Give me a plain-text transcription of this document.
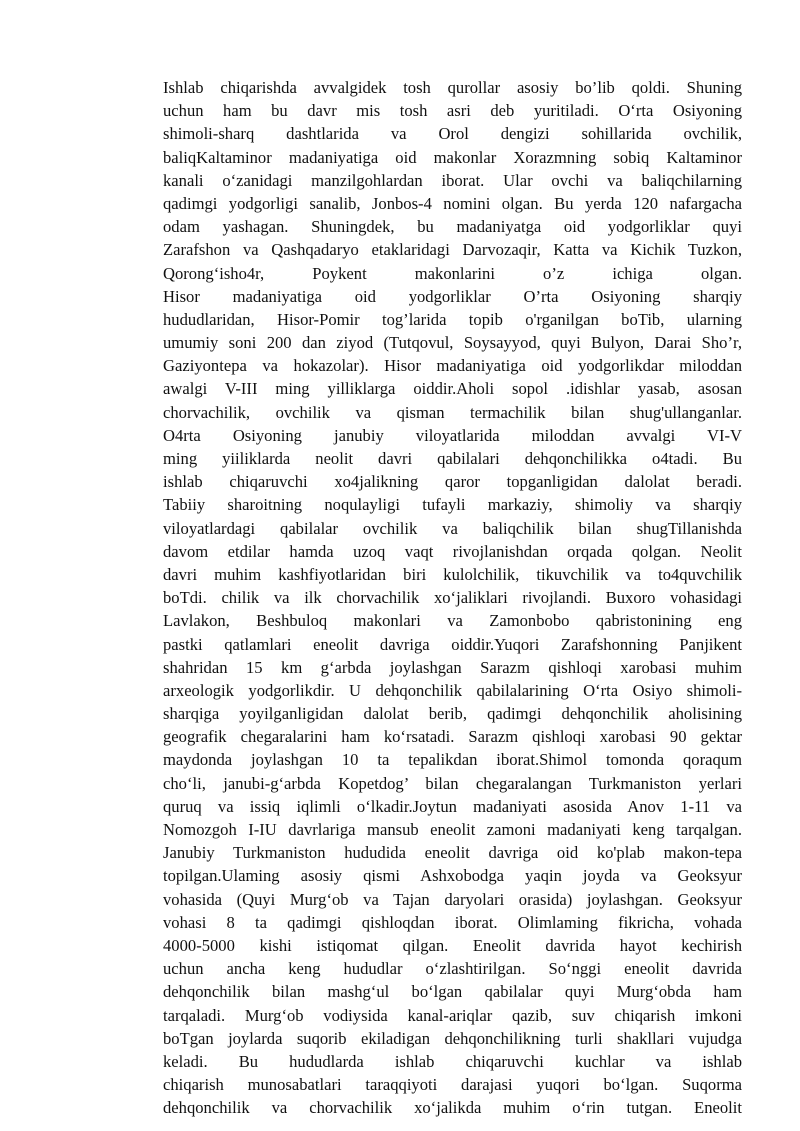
Ishlab chiqarishda avvalgidek tosh qurollar asosiy bo’lib qoldi. Shuning
uchun ham bu davr mis tosh asri deb yuritiladi. O‘rta Osiyoning
shimoli-sharq dashtlarida va Orol dengizi sohillarida ovchilik,
baliqKaltaminor madaniyatiga oid makonlar Xorazmning sobiq Kaltaminor
kanali o‘zanidagi manzilgohlardan iborat. Ular ovchi va baliqchilarning
qadimgi yodgorligi sanalib, Jonbos-4 nomini olgan. Bu yerda 120 nafargacha
odam yashagan. Shuningdek, bu madaniyatga oid yodgorliklar quyi
Zarafshon va Qashqadaryo etaklaridagi Darvozaqir, Katta va Kichik Tuzkon,
Qorong‘isho4r, Poykent makonlarini o’z ichiga olgan.
Hisor madaniyatiga oid yodgorliklar O’rta Osiyoning sharqiy
hududlaridan, Hisor-Pomir tog’larida topib o'rganilgan boTib, ularning
umumiy soni 200 dan ziyod (Tutqovul, Soysayyod, quyi Bulyon, Darai Sho’r,
Gaziyontepa va hokazolar). Hisor madaniyatiga oid yodgorlikdar miloddan
awalgi V-III ming yilliklarga oiddir.Aholi sopol .idishlar yasab, asosan
chorvachilik, ovchilik va qisman termachilik bilan shug'ullanganlar.
O4rta Osiyoning janubiy viloyatlarida miloddan avvalgi VI-V
ming yiiliklarda neolit davri qabilalari dehqonchilikka o4tadi. Bu
ishlab chiqaruvchi xo4jalikning qaror topganligidan dalolat beradi.
Tabiiy sharoitning noqulayligi tufayli markaziy, shimoliy va sharqiy
viloyatlardagi qabilalar ovchilik va baliqchilik bilan shugTillanishda
davom etdilar hamda uzoq vaqt rivojlanishdan orqada qolgan. Neolit
davri muhim kashfiyotlaridan biri kulolchilik, tikuvchilik va to4quvchilik
boTdi. chilik va ilk chorvachilik xo‘jaliklari rivojlandi. Buxoro vohasidagi
Lavlakon, Beshbuloq makonlari va Zamonbobo qabristonining eng
pastki qatlamlari eneolit davriga oiddir.Yuqori Zarafshonning Panjikent
shahridan 15 km g‘arbda joylashgan Sarazm qishloqi xarobasi muhim
arxeologik yodgorlikdir. U dehqonchilik qabilalarining O‘rta Osiyo shimoli-
sharqiga yoyilganligidan dalolat berib, qadimgi dehqonchilik aholisining
geografik chegaralarini ham ko‘rsatadi. Sarazm qishloqi xarobasi 90 gektar
maydonda joylashgan 10 ta tepalikdan iborat.Shimol tomonda qoraqum
cho‘li, janubi-g‘arbda Kopetdog’ bilan chegaralangan Turkmaniston yerlari
quruq va issiq iqlimli o‘lkadir.Joytun madaniyati asosida Anov 1-11 va
Nomozgoh I-IU davrlariga mansub eneolit zamoni madaniyati keng tarqalgan.
Janubiy Turkmaniston hududida eneolit davriga oid ko'plab makon-tepa
topilgan.Ulaming asosiy qismi Ashxobodga yaqin joyda va Geoksyur
vohasida (Quyi Murg‘ob va Tajan daryolari orasida) joylashgan. Geoksyur
vohasi 8 ta qadimgi qishloqdan iborat. Olimlaming fikricha, vohada
4000-5000 kishi istiqomat qilgan. Eneolit davrida hayot kechirish
uchun ancha keng hududlar o‘zlashtirilgan. So‘nggi eneolit davrida
dehqonchilik bilan mashg‘ul bo‘lgan qabilalar quyi Murg‘obda ham
tarqaladi. Murg‘ob vodiysida kanal-ariqlar qazib, suv chiqarish imkoni
boTgan joylarda suqorib ekiladigan dehqonchilikning turli shakllari vujudga
keladi. Bu hududlarda ishlab chiqaruvchi kuchlar va ishlab
chiqarish munosabatlari taraqqiyoti darajasi yuqori bo‘lgan. Suqorma
dehqonchilik va chorvachilik xo‘jalikda muhim o‘rin tutgan. Eneolit
